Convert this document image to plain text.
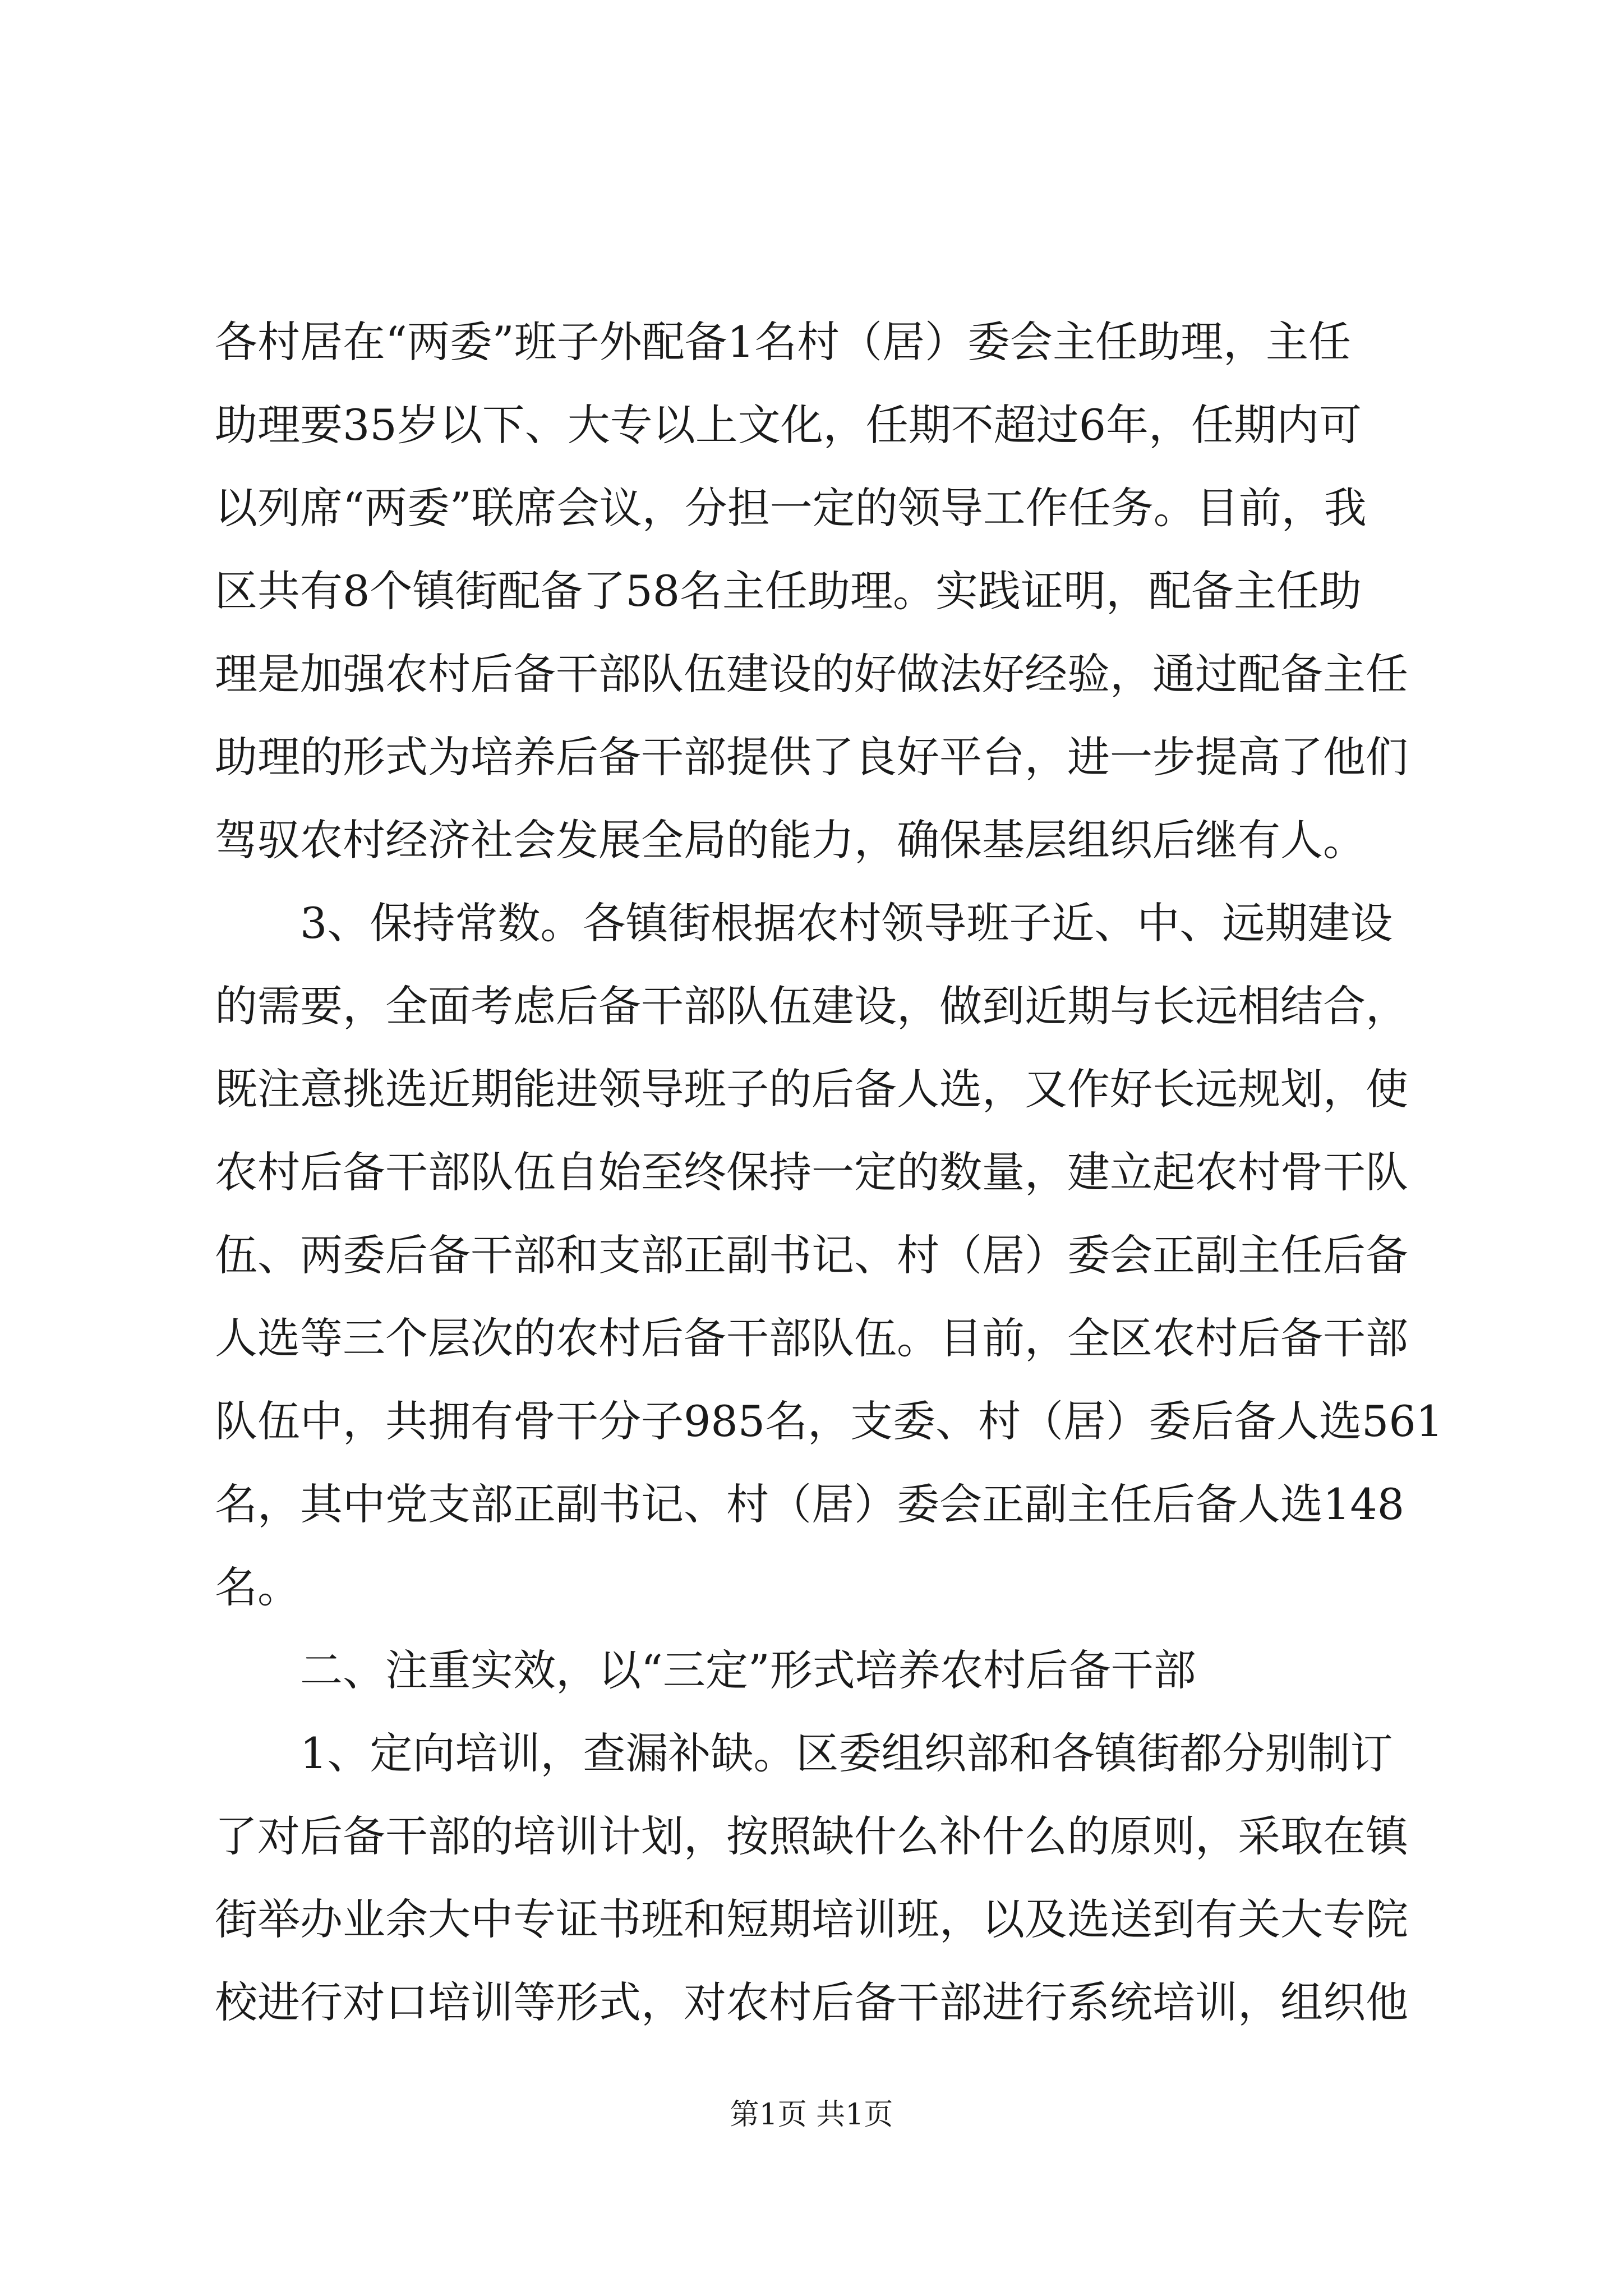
各村居在“两委”班子外配备1名村（居）委会主任助理，主任
助理要35岁以下、大专以上文化，任期不超过6年，任期内可
以列席“两委”联席会议，分担一定的领导工作任务。目前，我
区共有8个镇街配备了58名主任助理。实践证明，配备主任助
理是加强农村后备干部队伍建设的好做法好经验，通过配备主任
助理的形式为培养后备干部提供了良好平台，进一步提高了他们
驾驭农村经济社会发展全局的能力，确保基层组织后继有人。
3、保持常数。各镇街根据农村领导班子近、中、远期建设
的需要，全面考虑后备干部队伍建设，做到近期与长远相结合，
既注意挑选近期能进领导班子的后备人选，又作好长远规划，使
农村后备干部队伍自始至终保持一定的数量，建立起农村骨干队
伍、两委后备干部和支部正副书记、村（居）委会正副主任后备
人选等三个层次的农村后备干部队伍。目前，全区农村后备干部
队伍中，共拥有骨干分子985名，支委、村（居）委后备人选561
名，其中党支部正副书记、村（居）委会正副主任后备人选148
名。
二、注重实效，以“三定”形式培养农村后备干部
1、定向培训，查漏补缺。区委组织部和各镇街都分别制订
了对后备干部的培训计划，按照缺什么补什么的原则，采取在镇
街举办业余大中专证书班和短期培训班，以及选送到有关大专院
校进行对口培训等形式，对农村后备干部进行系统培训，组织他
第1页 共1页
